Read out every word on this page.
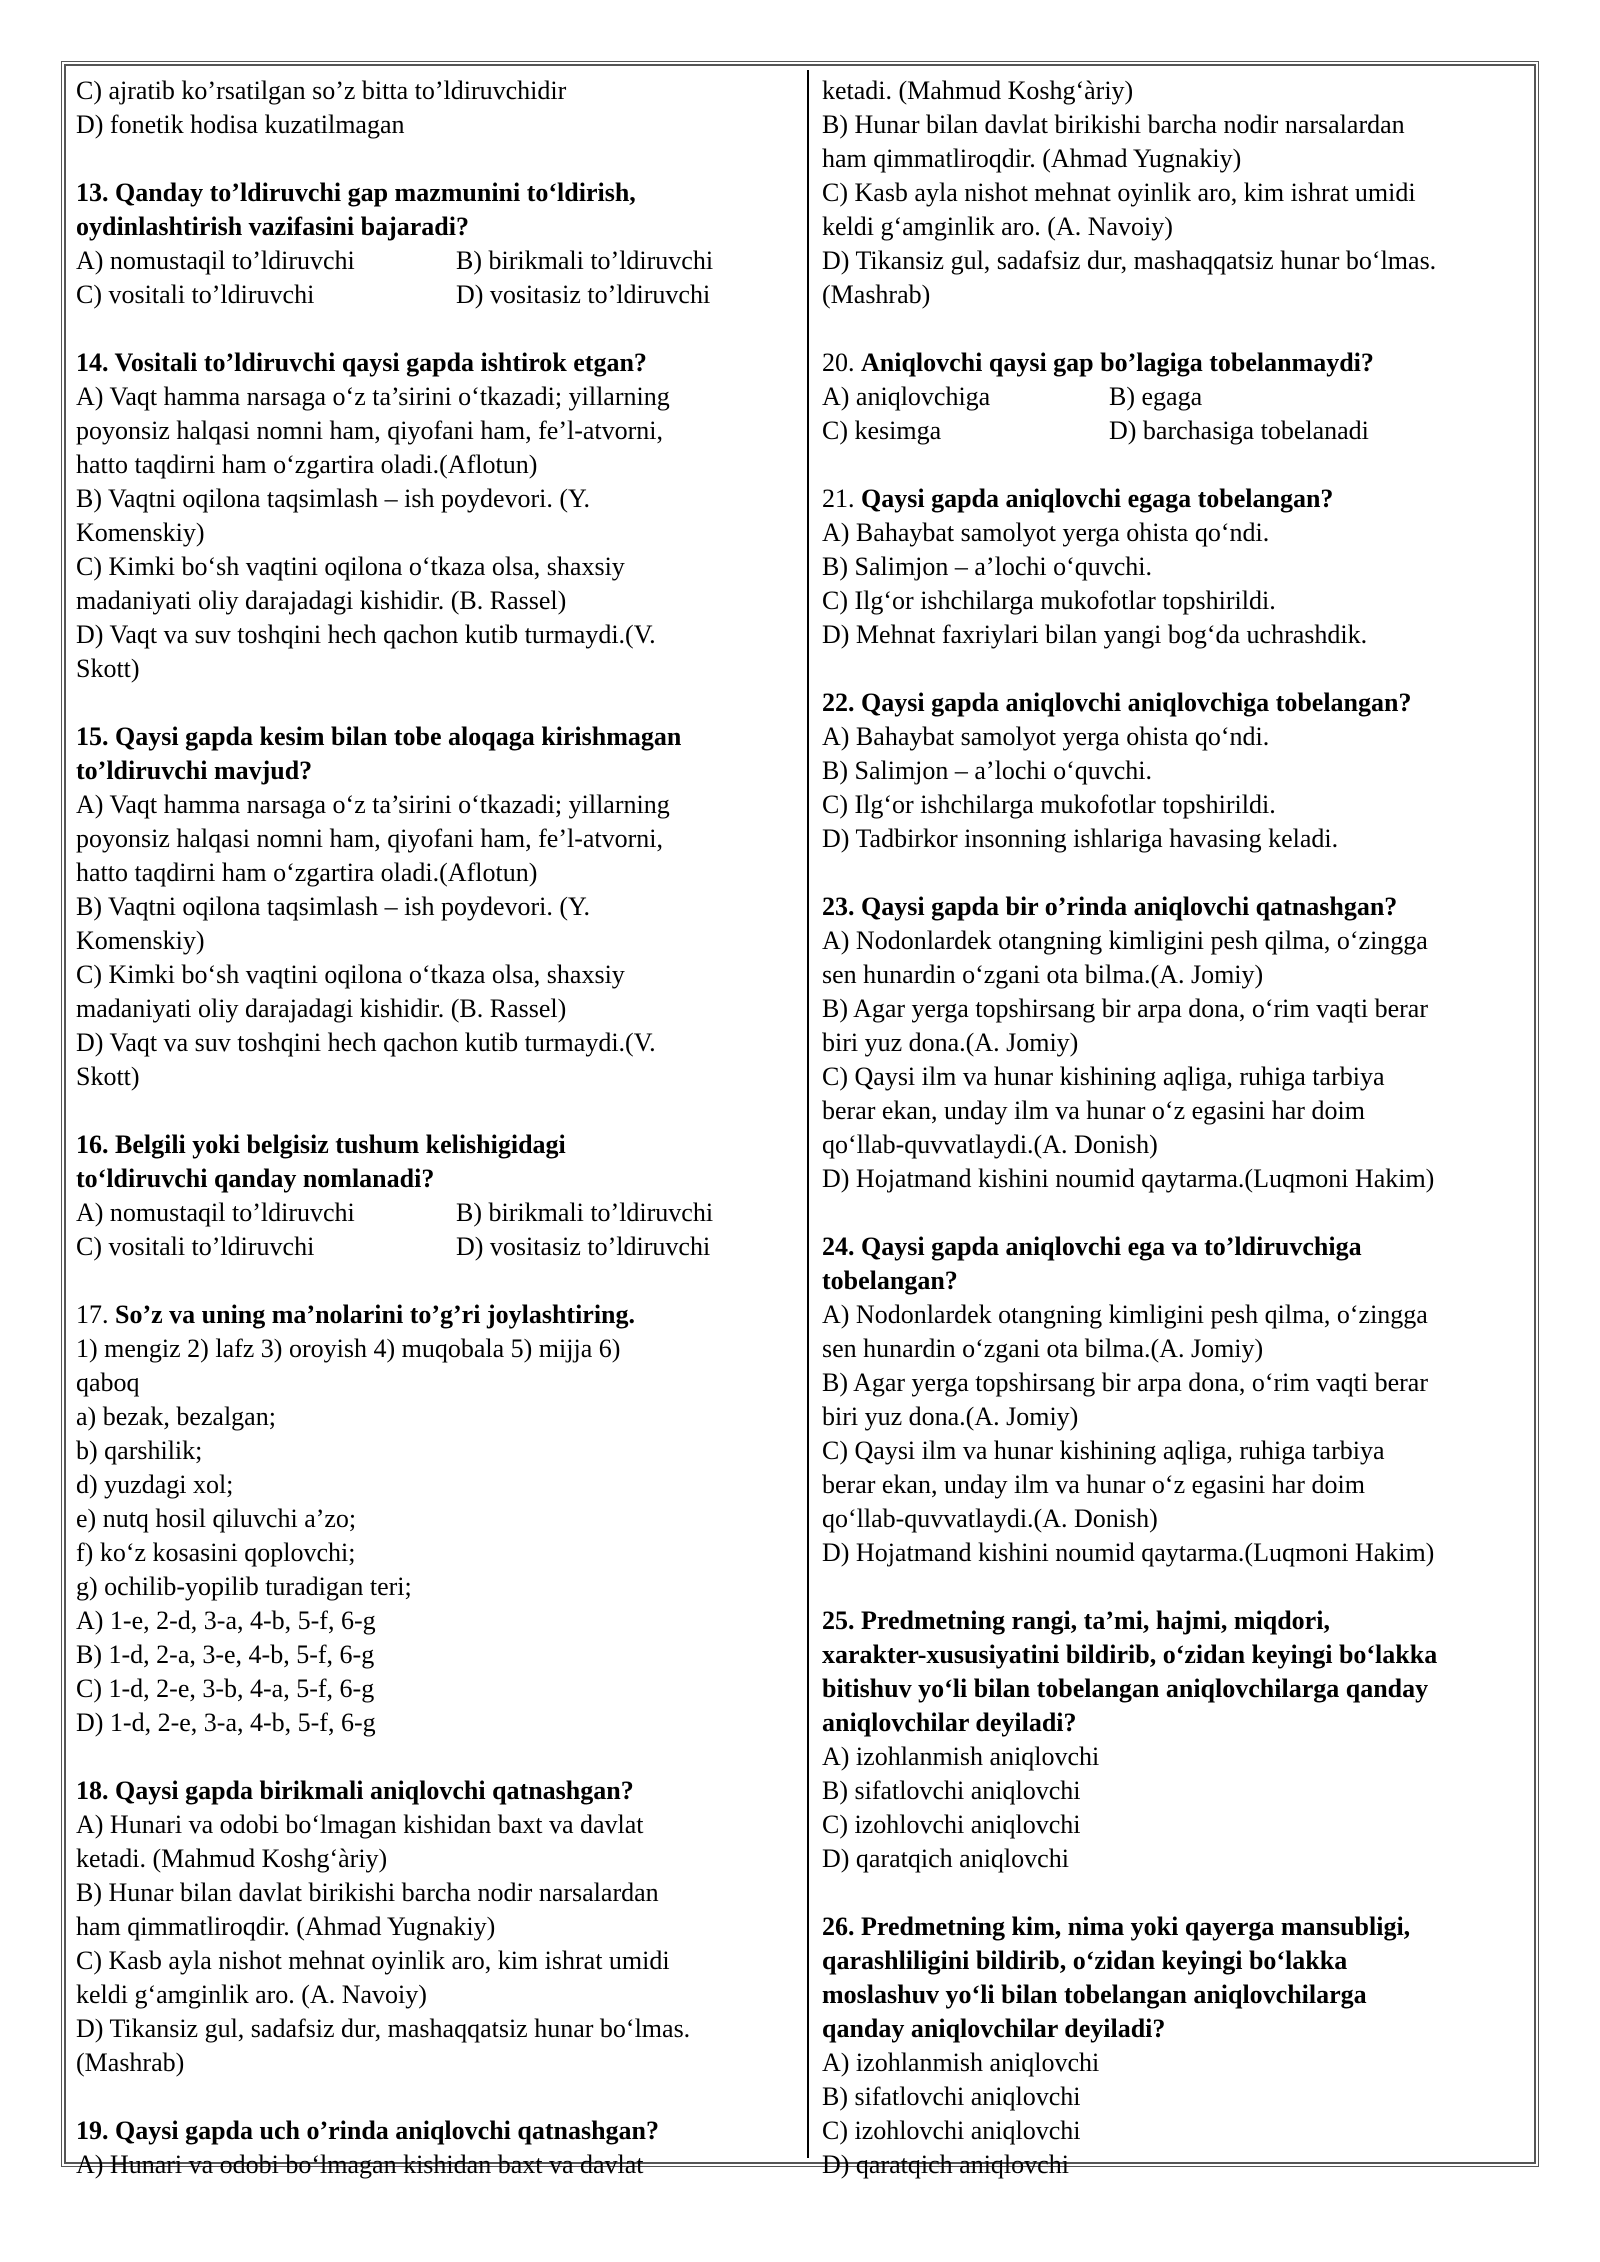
C) ajratib ko’rsatilgan so’z bitta to’ldiruvchidir
D) fonetik hodisa kuzatilmagan
13. Qanday to’ldiruvchi gap mazmunini to‘ldirish,
oydinlashtirish vazifasini bajaradi?
A) nomustaqil to’ldiruvchi	B) birikmali to’ldiruvchi
C) vositali to’ldiruvchi	D) vositasiz to’ldiruvchi
14. Vositali to’ldiruvchi qaysi gapda ishtirok etgan?
A) Vaqt hamma narsaga o‘z ta’sirini o‘tkazadi; yillarning
poyonsiz halqasi nomni ham, qiyofani ham, fe’l-atvorni,
hatto taqdirni ham o‘zgartira oladi.(Aflotun)
B) Vaqtni oqilona taqsimlash – ish poydevori. (Y.
Komenskiy)
C) Kimki bo‘sh vaqtini oqilona o‘tkaza olsa, shaxsiy
madaniyati oliy darajadagi kishidir. (B. Rassel)
D) Vaqt va suv toshqini hech qachon kutib turmaydi.(V.
Skott)
15. Qaysi gapda kesim bilan tobe aloqaga kirishmagan
to’ldiruvchi mavjud?
A) Vaqt hamma narsaga o‘z ta’sirini o‘tkazadi; yillarning
poyonsiz halqasi nomni ham, qiyofani ham, fe’l-atvorni,
hatto taqdirni ham o‘zgartira oladi.(Aflotun)
B) Vaqtni oqilona taqsimlash – ish poydevori. (Y.
Komenskiy)
C) Kimki bo‘sh vaqtini oqilona o‘tkaza olsa, shaxsiy
madaniyati oliy darajadagi kishidir. (B. Rassel)
D) Vaqt va suv toshqini hech qachon kutib turmaydi.(V.
Skott)
16. Belgili yoki belgisiz tushum kelishigidagi
to‘ldiruvchi qanday nomlanadi?
A) nomustaqil to’ldiruvchi	B) birikmali to’ldiruvchi
C) vositali to’ldiruvchi	D) vositasiz to’ldiruvchi
17. So’z va uning ma’nolarini to’g’ri joylashtiring.
1) mengiz 2) lafz 3) oroyish 4) muqobala 5) mijja 6)
qaboq
a) bezak, bezalgan;
b) qarshilik;
d) yuzdagi xol;
e) nutq hosil qiluvchi a’zo;
f) ko‘z kosasini qoplovchi;
g) ochilib-yopilib turadigan teri;
A) 1-e, 2-d, 3-a, 4-b, 5-f, 6-g
B) 1-d, 2-a, 3-e, 4-b, 5-f, 6-g
C) 1-d, 2-e, 3-b, 4-a, 5-f, 6-g
D) 1-d, 2-e, 3-a, 4-b, 5-f, 6-g
18. Qaysi gapda birikmali aniqlovchi qatnashgan?
A) Hunari va odobi bo‘lmagan kishidan baxt va davlat
ketadi. (Mahmud Koshg‘àriy)
B) Hunar bilan davlat birikishi barcha nodir narsalardan
ham qimmatliroqdir. (Ahmad Yugnakiy)
C) Kasb ayla nishot mehnat oyinlik aro, kim ishrat umidi
keldi g‘amginlik aro. (A. Navoiy)
D) Tikansiz gul, sadafsiz dur, mashaqqatsiz hunar bo‘lmas.
(Mashrab)
19. Qaysi gapda uch o’rinda aniqlovchi qatnashgan?
A) Hunari va odobi bo‘lmagan kishidan baxt va davlat
ketadi. (Mahmud Koshg‘àriy)
B) Hunar bilan davlat birikishi barcha nodir narsalardan
ham qimmatliroqdir. (Ahmad Yugnakiy)
C) Kasb ayla nishot mehnat oyinlik aro, kim ishrat umidi
keldi g‘amginlik aro. (A. Navoiy)
D) Tikansiz gul, sadafsiz dur, mashaqqatsiz hunar bo‘lmas.
(Mashrab)
20. Aniqlovchi qaysi gap bo’lagiga tobelanmaydi?
A) aniqlovchiga	B) egaga
C) kesimga	D) barchasiga tobelanadi
21. Qaysi gapda aniqlovchi egaga tobelangan?
A) Bahaybat samolyot yerga ohista qo‘ndi.
B) Salimjon – a’lochi o‘quvchi.
C) Ilg‘or ishchilarga mukofotlar topshirildi.
D) Mehnat faxriylari bilan yangi bog‘da uchrashdik.
22. Qaysi gapda aniqlovchi aniqlovchiga tobelangan?
A) Bahaybat samolyot yerga ohista qo‘ndi.
B) Salimjon – a’lochi o‘quvchi.
C) Ilg‘or ishchilarga mukofotlar topshirildi.
D) Tadbirkor insonning ishlariga havasing keladi.
23. Qaysi gapda bir o’rinda aniqlovchi qatnashgan?
A) Nodonlardek otangning kimligini pesh qilma, o‘zingga
sen hunardin o‘zgani ota bilma.(A. Jomiy)
B) Agar yerga topshirsang bir arpa dona, o‘rim vaqti berar
biri yuz dona.(A. Jomiy)
C) Qaysi ilm va hunar kishining aqliga, ruhiga tarbiya
berar ekan, unday ilm va hunar o‘z egasini har doim
qo‘llab-quvvatlaydi.(A. Donish)
D) Hojatmand kishini noumid qaytarma.(Luqmoni Hakim)
24. Qaysi gapda aniqlovchi ega va to’ldiruvchiga
tobelangan?
A) Nodonlardek otangning kimligini pesh qilma, o‘zingga
sen hunardin o‘zgani ota bilma.(A. Jomiy)
B) Agar yerga topshirsang bir arpa dona, o‘rim vaqti berar
biri yuz dona.(A. Jomiy)
C) Qaysi ilm va hunar kishining aqliga, ruhiga tarbiya
berar ekan, unday ilm va hunar o‘z egasini har doim
qo‘llab-quvvatlaydi.(A. Donish)
D) Hojatmand kishini noumid qaytarma.(Luqmoni Hakim)
25. Predmetning rangi, ta’mi, hajmi, miqdori,
xarakter-xususiyatini bildirib, o‘zidan keyingi bo‘lakka
bitishuv yo‘li bilan tobelangan aniqlovchilarga qanday
aniqlovchilar deyiladi?
A) izohlanmish aniqlovchi
B) sifatlovchi aniqlovchi
C) izohlovchi aniqlovchi
D) qaratqich aniqlovchi
26. Predmetning kim, nima yoki qayerga mansubligi,
qarashliligini bildirib, o‘zidan keyingi bo‘lakka
moslashuv yo‘li bilan tobelangan aniqlovchilarga
qanday aniqlovchilar deyiladi?
A) izohlanmish aniqlovchi
B) sifatlovchi aniqlovchi
C) izohlovchi aniqlovchi
D) qaratqich aniqlovchi
